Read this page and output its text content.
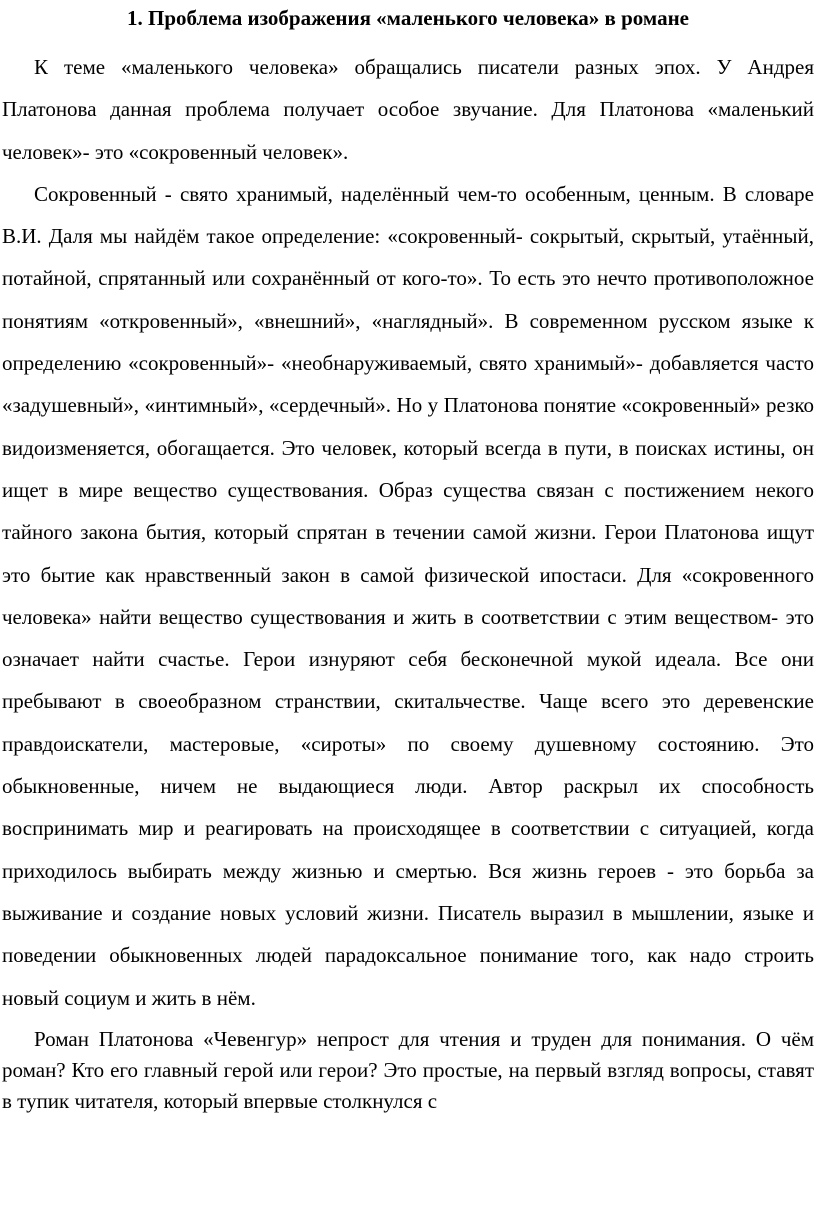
1. Проблема изображения «маленького человека» в романе

К теме «маленького человека» обращались писатели разных эпох. У Андрея Платонова данная проблема получает особое звучание. Для Платонова «маленький человек»- это «сокровенный человек».

Сокровенный - свято хранимый, наделённый чем-то особенным, ценным. В словаре В.И. Даля мы найдём такое определение: «сокровенный- сокрытый, скрытый, утаённый, потайной, спрятанный или сохранённый от кого-то». То есть это нечто противоположное понятиям «откровенный», «внешний», «наглядный». В современном русском языке к определению «сокровенный»- «необнаруживаемый, свято хранимый»- добавляется часто «задушевный», «интимный», «сердечный». Но у Платонова понятие «сокровенный» резко видоизменяется, обогащается. Это человек, который всегда в пути, в поисках истины, он ищет в мире вещество существования. Образ существа связан с постижением некого тайного закона бытия, который спрятан в течении самой жизни. Герои Платонова ищут это бытие как нравственный закон в самой физической ипостаси. Для «сокровенного человека» найти вещество существования и жить в соответствии с этим веществом- это означает найти счастье. Герои изнуряют себя бесконечной мукой идеала. Все они пребывают в своеобразном странствии, скитальчестве. Чаще всего это деревенские правдоискатели, мастеровые, «сироты» по своему душевному состоянию. Это обыкновенные, ничем не выдающиеся люди. Автор раскрыл их способность воспринимать мир и реагировать на происходящее в соответствии с ситуацией, когда приходилось выбирать между жизнью и смертью. Вся жизнь героев - это борьба за выживание и создание новых условий жизни. Писатель выразил в мышлении, языке и поведении обыкновенных людей парадоксальное понимание того, как надо строить новый социум и жить в нём.

Роман Платонова «Чевенгур» непрост для чтения и труден для понимания. О чём роман? Кто его главный герой или герои? Это простые, на первый взгляд вопросы, ставят в тупик читателя, который впервые столкнулся с
